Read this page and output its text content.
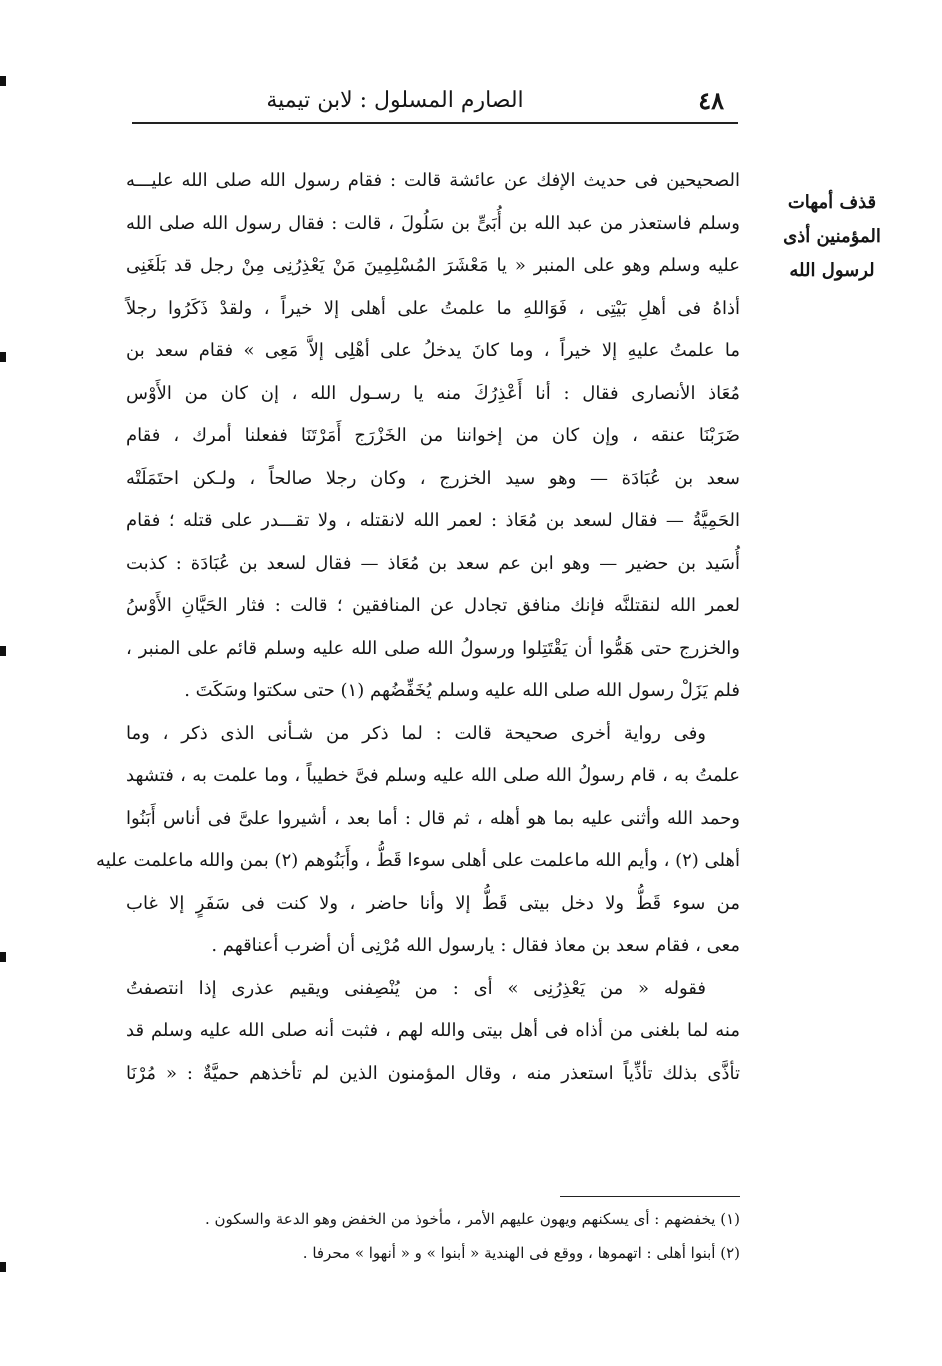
٤٨
الصارم المسلول : لابن تيمية
قذف أمهات
المؤمنين أذى
لرسول الله
الصحيحين فى حديث الإفك عن عائشة قالت : فقام رسول الله صلى الله عليـــه
وسلم فاستعذر من عبد الله بن أُبَىٍّ بن سَلُولَ ، قالت : فقال رسول الله صلى الله
عليه وسلم وهو على المنبر « يا مَعْشَرَ المُسْلِمِينَ مَنْ يَعْذِرُنِى مِنْ رجل قد بَلَغَنِى
أذاهُ فى أهلِ بَيْتِى ، فَوَاللهِ ما علمتُ على أهلى إلا خيراً ، ولقدْ ذَكَرُوا رجلاً
ما علمتُ عليهِ إلا خيراً ، وما كانَ يدخلُ على أهْلِى إلاَّ مَعِى » فقام سعد بن
مُعَاذ الأنصارى فقال : أنا أَعْذِرُكَ منه يا رسـول الله ، إن كان من الأَوْس
ضَرَبْنَا عنقه ، وإن كان من إخواننا من الخَزْرَج أَمَرْتَنَا ففعلنا أمرك ، فقام
سعد بن عُبَادَة — وهو سيد الخزرج ، وكان رجلا صالحاً ، ولـكن احتَمَلَتْه
الحَمِيَّةُ — فقال لسعد بن مُعَاذ : لعمر الله لانقتله ، ولا تقـــدر على قتله ؛ فقام
أُسَيد بن حضير — وهو ابن عم سعد بن مُعَاذ — فقال لسعد بن عُبَادَة : كذبت
لعمر الله لنقتلنَّه فإنك منافق تجادل عن المنافقين ؛ قالت : فثار الحَيَّانِ الأَوْسُ
والخزرج حتى هَمُّوا أن يَقْتَتِلوا ورسولُ الله صلى الله عليه وسلم قائم على المنبر ،
فلم يَزَلْ رسول الله صلى الله عليه وسلم يُخَفِّضُهم (١) حتى سكتوا وسَكَتَ .
وفى رواية أخرى صحيحة قالت : لما ذكر من شـأنى الذى ذكر ، وما
علمتُ به ، قام رسولُ الله صلى الله عليه وسلم فىَّ خطيباً ، وما علمت به ، فتشهد
وحمد الله وأثنى عليه بما هو أهله ، ثم قال : أما بعد ، أشيروا علىَّ فى أناس أَبَنُوا
أهلى (٢) ، وأيم الله ماعلمت على أهلى سوءا قَطُّ ، وأَبَنُوهم (٢) بمن والله ماعلمت عليه
من سوء قَطُّ ولا دخل بيتى قَطُّ إلا وأنا حاضر ، ولا كنت فى سَفَرٍ إلا غاب
معى ، فقام سعد بن معاذ فقال : يارسول الله مُرْنِى أن أضرب أعناقهم .
فقوله « من يَعْذِرُنِى » أى : من يُنْصِفنى ويقيم عذرى إذا انتصفتُ
منه لما بلغنى من أذاه فى أهل بيتى والله لهم ، فثبت أنه صلى الله عليه وسلم قد
تأذَّى بذلك تأذِّياً استعذر منه ، وقال المؤمنون الذين لم تأخذهم حميَّةٌ : « مُرْنَا
(١) يخفضهم : أى يسكنهم ويهون عليهم الأمر ، مأخوذ من الخفض وهو الدعة والسكون .
(٢) أبنوا أهلى : اتهموها ، ووقع فى الهندية « أبنوا » و « أنهوا » محرفا .
